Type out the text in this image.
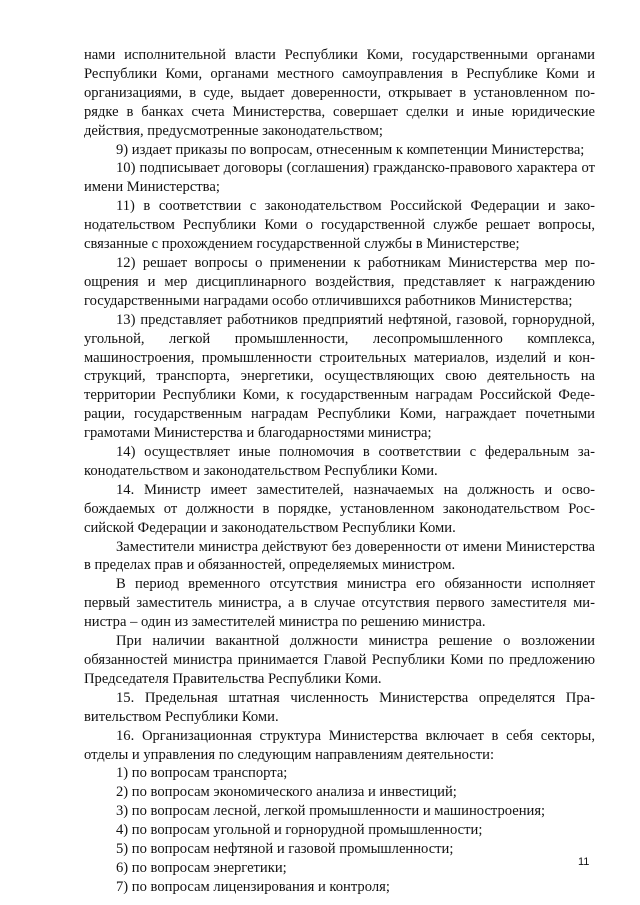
нами исполнительной власти Республики Коми, государственными органами Республики Коми, органами местного самоуправления в Республике Коми и организациями, в суде, выдает доверенности, открывает в установленном порядке в банках счета Министерства, совершает сделки и иные юридические действия, предусмотренные законодательством;

9) издает приказы по вопросам, отнесенным к компетенции Министерства;

10) подписывает договоры (соглашения) гражданско-правового характера от имени Министерства;

11) в соответствии с законодательством Российской Федерации и законодательством Республики Коми о государственной службе решает вопросы, связанные с прохождением государственной службы в Министерстве;

12) решает вопросы о применении к работникам Министерства мер поощрения и мер дисциплинарного воздействия, представляет к награждению государственными наградами особо отличившихся работников Министерства;

13) представляет работников предприятий нефтяной, газовой, горнорудной, угольной, легкой промышленности, лесопромышленного комплекса, машиностроения, промышленности строительных материалов, изделий и конструкций, транспорта, энергетики, осуществляющих свою деятельность на территории Республики Коми, к государственным наградам Российской Федерации, государственным наградам Республики Коми, награждает почетными грамотами Министерства и благодарностями министра;

14) осуществляет иные полномочия в соответствии с федеральным законодательством и законодательством Республики Коми.

14. Министр имеет заместителей, назначаемых на должность и освобождаемых от должности в порядке, установленном законодательством Российской Федерации и законодательством Республики Коми.

Заместители министра действуют без доверенности от имени Министерства в пределах прав и обязанностей, определяемых министром.

В период временного отсутствия министра его обязанности исполняет первый заместитель министра, а в случае отсутствия первого заместителя министра – один из заместителей министра по решению министра.

При наличии вакантной должности министра решение о возложении обязанностей министра принимается Главой Республики Коми по предложению Председателя Правительства Республики Коми.

15. Предельная штатная численность Министерства определятся Правительством Республики Коми.

16. Организационная структура Министерства включает в себя секторы, отделы и управления по следующим направлениям деятельности:

1) по вопросам транспорта;

2) по вопросам экономического анализа и инвестиций;

3) по вопросам лесной, легкой промышленности и машиностроения;

4) по вопросам угольной и горнорудной промышленности;

5) по вопросам нефтяной и газовой промышленности;

6) по вопросам энергетики;

7) по вопросам лицензирования и контроля;

11
